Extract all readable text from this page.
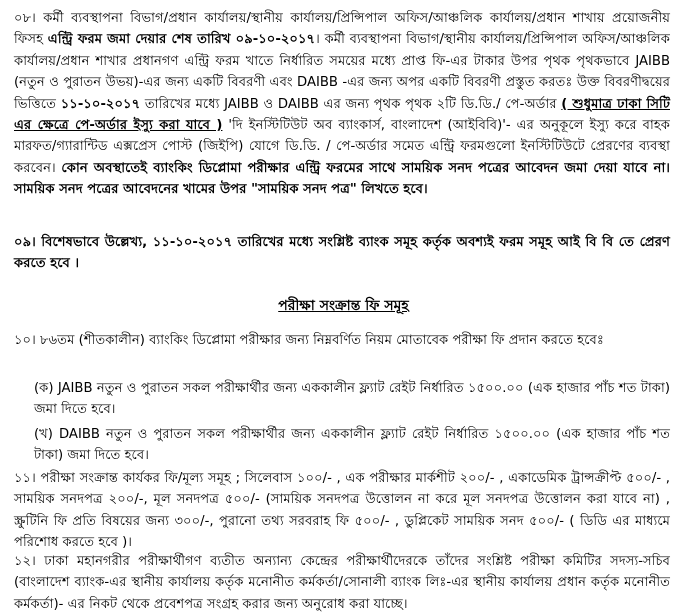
০৮। কর্মী ব্যবস্থাপনা বিভাগ/প্রধান কার্যালয়/স্থানীয় কার্যালয়/প্রিন্সিপাল অফিস/আঞ্চলিক কার্যালয়/প্রধান শাখায় প্রয়োজনীয় ফিসহ এন্ট্রি ফরম জমা দেয়ার শেষ তারিখ ০৯-১০-২০১৭। কর্মী ব্যবস্থাপনা বিভাগ/স্থানীয় কার্যালয়/প্রিন্সিপাল অফিস/আঞ্চলিক কার্যালয়/প্রধান শাখার প্রধানগণ এন্ট্রি ফরম খাতে নির্ধারিত সময়ের মধ্যে প্রাপ্ত ফি-এর টাকার উপর পৃথক পৃথকভাবে JAIBB (নতুন ও পুরাতন উভয়)-এর জন্য একটি বিবরণী এবং DAIBB -এর জন্য অপর একটি বিবরণী প্রস্তুত করতঃ উক্ত বিবরণীদ্বয়ের ভিত্তিতে ১১-১০-২০১৭ তারিখের মধ্যে JAIBB ও DAIBB এর জন্য পৃথক পৃথক ২টি ডি.ডি./ পে-অর্ডার ( শুধুমাত্র ঢাকা সিটি এর ক্ষেত্রে পে-অর্ডার ইস্যু করা যাবে ) 'দি ইনস্টিটিউট অব ব্যাংকার্স, বাংলাদেশ (আইবিবি)'- এর অনুকূলে ইস্যু করে বাহক মারফত/গ্যারান্টিড এক্সপ্রেস পোস্ট (জিইপি) যোগে ডি.ডি. / পে-অর্ডার সমেত এন্ট্রি ফরমগুলো ইনস্টিটিউটে প্রেরণের ব্যবস্থা করবেন। কোন অবস্থাতেই ব্যাংকিং ডিপ্লোমা পরীক্ষার এন্ট্রি ফরমের সাথে সাময়িক সনদ পত্রের আবেদন জমা দেয়া যাবে না। সাময়িক সনদ পত্রের আবেদনের খামের উপর "সাময়িক সনদ পত্র" লিখতে হবে।

০৯। বিশেষভাবে উল্লেখ্য, ১১-১০-২০১৭ তারিখের মধ্যে সংশ্লিষ্ট ব্যাংক সমূহ কর্তৃক অবশ্যই ফরম সমূহ আই বি বি তে প্রেরণ করতে হবে ।

পরীক্ষা সংক্রান্ত ফি সমূহ

১০। ৮৬তম (শীতকালীন) ব্যাংকিং ডিপ্লোমা পরীক্ষার জন্য নিম্নবর্ণিত নিয়ম মোতাবেক পরীক্ষা ফি প্রদান করতে হবেঃ

(ক) JAIBB নতুন ও পুরাতন সকল পরীক্ষার্থীর জন্য এককালীন ফ্ল্যাট রেইট নির্ধারিত ১৫০০.০০ (এক হাজার পাঁচ শত টাকা) জমা দিতে হবে।

(খ) DAIBB নতুন ও পুরাতন সকল পরীক্ষার্থীর জন্য এককালীন ফ্ল্যাট রেইট নির্ধারিত ১৫০০.০০ (এক হাজার পাঁচ শত টাকা) জমা দিতে হবে।

১১। পরীক্ষা সংক্রান্ত কার্যকর ফি/মূল্য সমূহ ; সিলেবাস ১০০/- , এক পরীক্ষার মার্কশীট ২০০/- , একাডেমিক ট্রান্সক্রীপ্ট ৫০০/- , সাময়িক সনদপত্র ২০০/-, মূল সনদপত্র ৫০০/- (সাময়িক সনদপত্র উত্তোলন না করে মূল সনদপত্র উত্তোলন করা যাবে না) , স্ক্রুটিনি ফি প্রতি বিষয়ের জন্য ৩০০/-, পুরানো তথ্য সরবরাহ ফি ৫০০/- , ডুপ্লিকেট সাময়িক সনদ ৫০০/- ( ডিডি এর মাধ্যমে পরিশোধ করতে হবে )।

১২। ঢাকা মহানগরীর পরীক্ষার্থীগণ ব্যতীত অন্যান্য কেন্দ্রের পরীক্ষার্থীদেরকে তাঁদের সংশ্লিষ্ট পরীক্ষা কমিটির সদস্য-সচিব (বাংলাদেশ ব্যাংক-এর স্থানীয় কার্যালয় কর্তৃক মনোনীত কর্মকর্তা/সোনালী ব্যাংক লিঃ-এর স্থানীয় কার্যালয় প্রধান কর্তৃক মনোনীত কর্মকর্তা)- এর নিকট থেকে প্রবেশপত্র সংগ্রহ করার জন্য অনুরোধ করা যাচ্ছে।
